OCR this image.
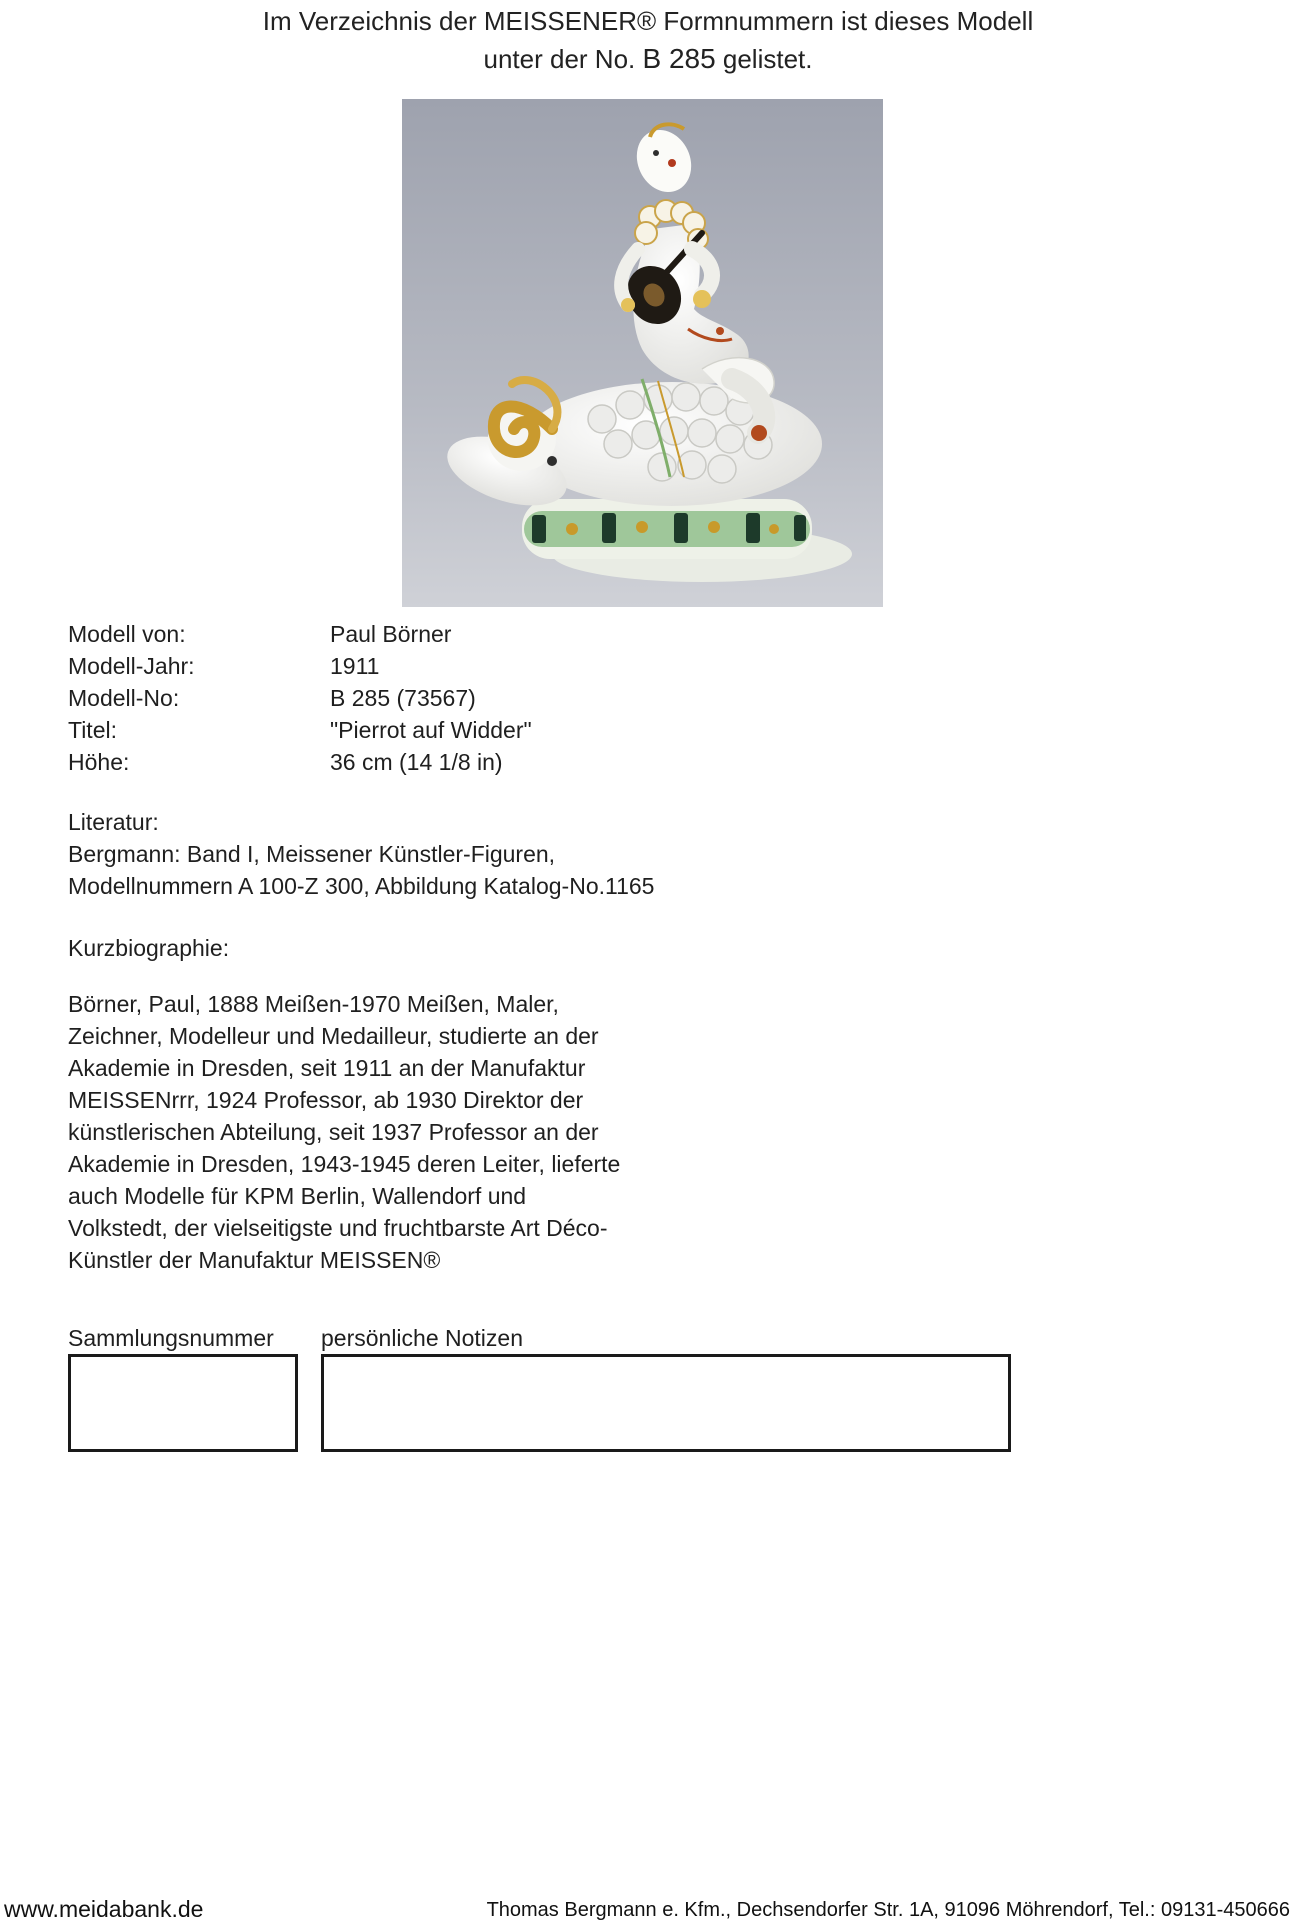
Im Verzeichnis der MEISSENER® Formnummern ist dieses Modell
unter der No. B 285 gelistet.
Modell von:	Paul Börner
Modell-Jahr:	1911
Modell-No:	B 285 (73567)
Titel:	"Pierrot auf Widder"
Höhe:	36 cm (14 1/8 in)
Literatur:
Bergmann: Band I, Meissener Künstler-Figuren,
Modellnummern A 100-Z 300, Abbildung Katalog-No.1165
Kurzbiographie:
Börner, Paul, 1888 Meißen-1970 Meißen, Maler,
Zeichner, Modelleur und Medailleur, studierte an der
Akademie in Dresden, seit 1911 an der Manufaktur
MEISSENrrr, 1924 Professor, ab 1930 Direktor der
künstlerischen Abteilung, seit 1937 Professor an der
Akademie in Dresden, 1943-1945 deren Leiter, lieferte
auch Modelle für KPM Berlin, Wallendorf und
Volkstedt, der vielseitigste und fruchtbarste Art Déco-
Künstler der Manufaktur MEISSEN®
Sammlungsnummer persönliche Notizen
www.meidabank.de	Thomas Bergmann e. Kfm., Dechsendorfer Str. 1A, 91096 Möhrendorf, Tel.: 09131-450666
